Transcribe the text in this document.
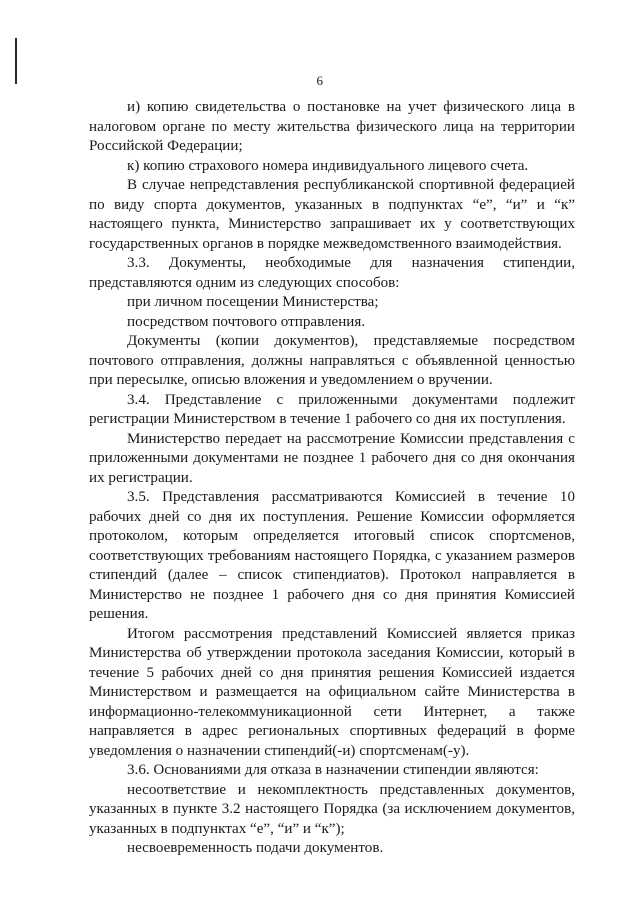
6

и) копию свидетельства о постановке на учет физического лица в налоговом органе по месту жительства физического лица на территории Российской Федерации;

к) копию страхового номера индивидуального лицевого счета.

В случае непредставления республиканской спортивной федерацией по виду спорта документов, указанных в подпунктах “е”, “и” и “к” настоящего пункта, Министерство запрашивает их у соответствующих государственных органов в порядке межведомственного взаимодействия.

3.3. Документы, необходимые для назначения стипендии, представляются одним из следующих способов:

при личном посещении Министерства;

посредством почтового отправления.

Документы (копии документов), представляемые посредством почтового отправления, должны направляться с объявленной ценностью при пересылке, описью вложения и уведомлением о вручении.

3.4. Представление с приложенными документами подлежит регистрации Министерством в течение 1 рабочего со дня их поступления.

Министерство передает на рассмотрение Комиссии представления с приложенными документами не позднее 1 рабочего дня со дня окончания их регистрации.

3.5. Представления рассматриваются Комиссией в течение 10 рабочих дней со дня их поступления. Решение Комиссии оформляется протоколом, которым определяется итоговый список спортсменов, соответствующих требованиям настоящего Порядка, с указанием размеров стипендий (далее – список стипендиатов). Протокол направляется в Министерство не позднее 1 рабочего дня со дня принятия Комиссией решения.

Итогом рассмотрения представлений Комиссией является приказ Министерства об утверждении протокола заседания Комиссии, который в течение 5 рабочих дней со дня принятия решения Комиссией издается Министерством и размещается на официальном сайте Министерства в информационно-телекоммуникационной сети Интернет, а также направляется в адрес региональных спортивных федераций в форме уведомления о назначении стипендий(-и) спортсменам(-у).

3.6. Основаниями для отказа в назначении стипендии являются:

несоответствие и некомплектность представленных документов, указанных в пункте 3.2 настоящего Порядка (за исключением документов, указанных в подпунктах “е”, “и” и “к”);

несвоевременность подачи документов.
